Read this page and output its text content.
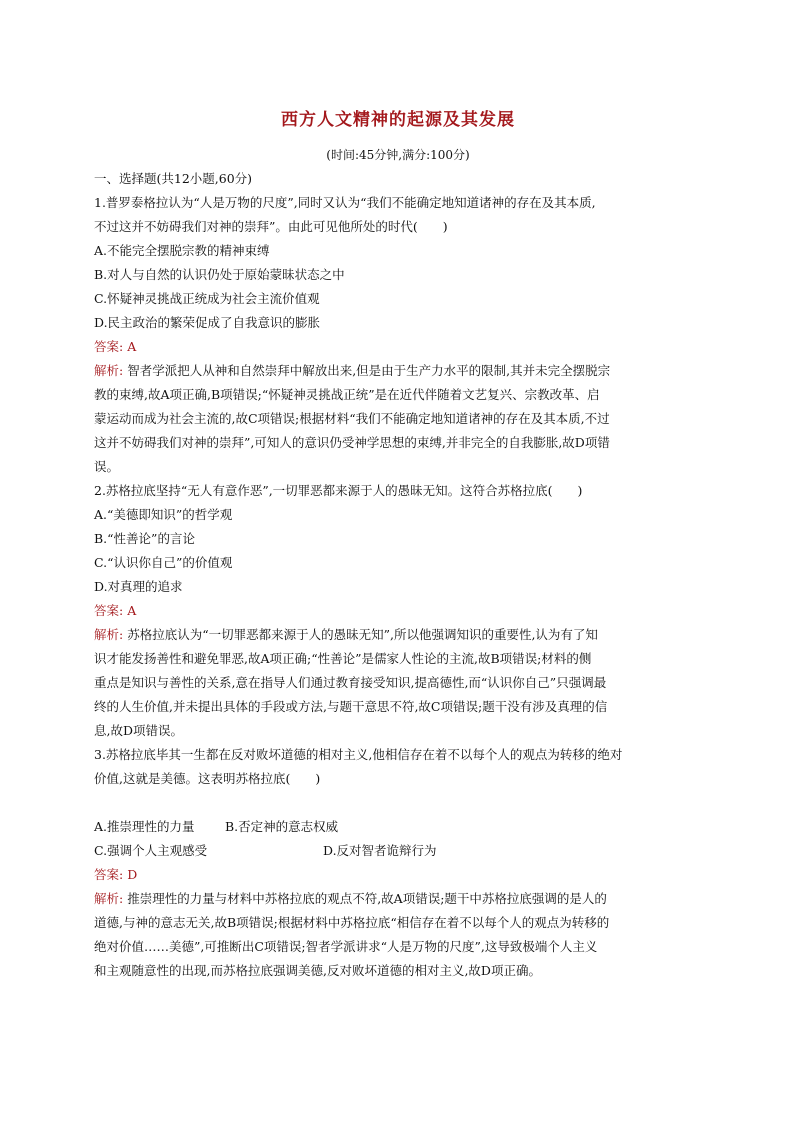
西方人文精神的起源及其发展
(时间:45分钟,满分:100分)
一、选择题(共12小题,60分)
1.普罗泰格拉认为“人是万物的尺度”,同时又认为“我们不能确定地知道诸神的存在及其本质,
不过这并不妨碍我们对神的崇拜”。由此可见他所处的时代(　　)
A.不能完全摆脱宗教的精神束缚
B.对人与自然的认识仍处于原始蒙昧状态之中
C.怀疑神灵挑战正统成为社会主流价值观
D.民主政治的繁荣促成了自我意识的膨胀
答案: A
解析: 智者学派把人从神和自然崇拜中解放出来,但是由于生产力水平的限制,其并未完全摆脱宗
教的束缚,故A项正确,B项错误;“怀疑神灵挑战正统”是在近代伴随着文艺复兴、宗教改革、启
蒙运动而成为社会主流的,故C项错误;根据材料“我们不能确定地知道诸神的存在及其本质,不过
这并不妨碍我们对神的崇拜”,可知人的意识仍受神学思想的束缚,并非完全的自我膨胀,故D项错
误。
2.苏格拉底坚持“无人有意作恶”,一切罪恶都来源于人的愚昧无知。这符合苏格拉底(　　)
A.“美德即知识”的哲学观
B.“性善论”的言论
C.“认识你自己”的价值观
D.对真理的追求
答案: A
解析: 苏格拉底认为“一切罪恶都来源于人的愚昧无知”,所以他强调知识的重要性,认为有了知
识才能发扬善性和避免罪恶,故A项正确;“性善论”是儒家人性论的主流,故B项错误;材料的侧
重点是知识与善性的关系,意在指导人们通过教育接受知识,提高德性,而“认识你自己”只强调最
终的人生价值,并未提出具体的手段或方法,与题干意思不符,故C项错误;题干没有涉及真理的信
息,故D项错误。
3.苏格拉底毕其一生都在反对败坏道德的相对主义,他相信存在着不以每个人的观点为转移的绝对
价值,这就是美德。这表明苏格拉底(　　)
A.推崇理性的力量	B.否定神的意志权威
C.强调个人主观感受	D.反对智者诡辩行为
答案: D
解析: 推崇理性的力量与材料中苏格拉底的观点不符,故A项错误;题干中苏格拉底强调的是人的
道德,与神的意志无关,故B项错误;根据材料中苏格拉底“相信存在着不以每个人的观点为转移的
绝对价值……美德”,可推断出C项错误;智者学派讲求“人是万物的尺度”,这导致极端个人主义
和主观随意性的出现,而苏格拉底强调美德,反对败坏道德的相对主义,故D项正确。
